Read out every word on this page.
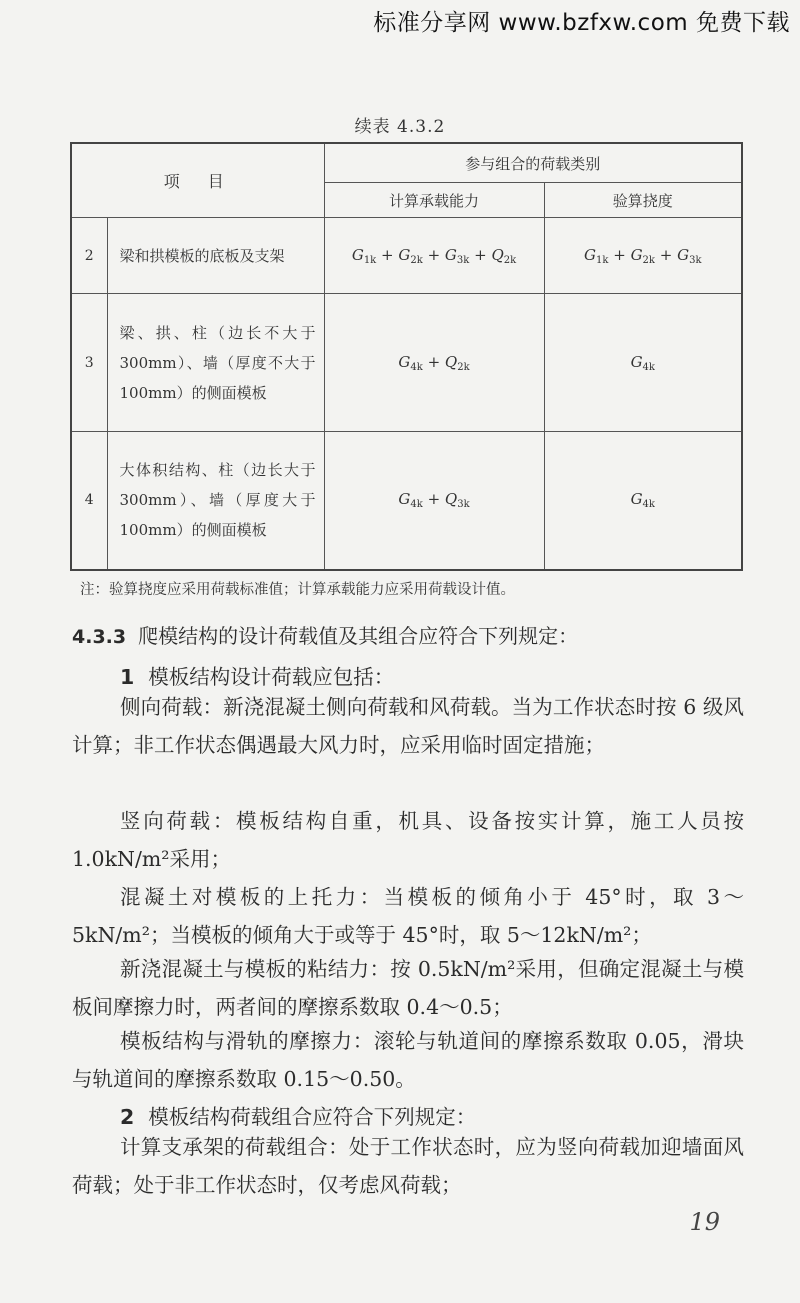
标准分享网 www.bzfxw.com 免费下载
续表 4.3.2
项目		参与组合的荷载类别	
		计算承载能力	验算挠度
2	梁和拱模板的底板及支架	$G_{1k} + G_{2k} + G_{3k} + Q_{2k}$	$G_{1k} + G_{2k} + G_{3k}$
3	梁、拱、柱（边长不大于 300mm）、墙（厚度不大于 100mm）的侧面模板	$G_{4k} + Q_{2k}$	$G_{4k}$
4	大体积结构、柱（边长大于 300mm）、墙（厚度大于 100mm）的侧面模板	$G_{4k} + Q_{3k}$	$G_{4k}$
注：验算挠度应采用荷载标准值；计算承载能力应采用荷载设计值。
4.3.3 爬模结构的设计荷载值及其组合应符合下列规定：
1 模板结构设计荷载应包括：
侧向荷载：新浇混凝土侧向荷载和风荷载。当为工作状态时按 6 级风计算；非工作状态偶遇最大风力时，应采用临时固定措施；
竖向荷载：模板结构自重，机具、设备按实计算，施工人员按 1.0kN/m²采用；
混凝土对模板的上托力：当模板的倾角小于 45°时，取 3～5kN/m²；当模板的倾角大于或等于 45°时，取 5～12kN/m²；
新浇混凝土与模板的粘结力：按 0.5kN/m²采用，但确定混凝土与模板间摩擦力时，两者间的摩擦系数取 0.4～0.5；
模板结构与滑轨的摩擦力：滚轮与轨道间的摩擦系数取 0.05，滑块与轨道间的摩擦系数取 0.15～0.50。
2 模板结构荷载组合应符合下列规定：
计算支承架的荷载组合：处于工作状态时，应为竖向荷载加迎墙面风荷载；处于非工作状态时，仅考虑风荷载；
19
